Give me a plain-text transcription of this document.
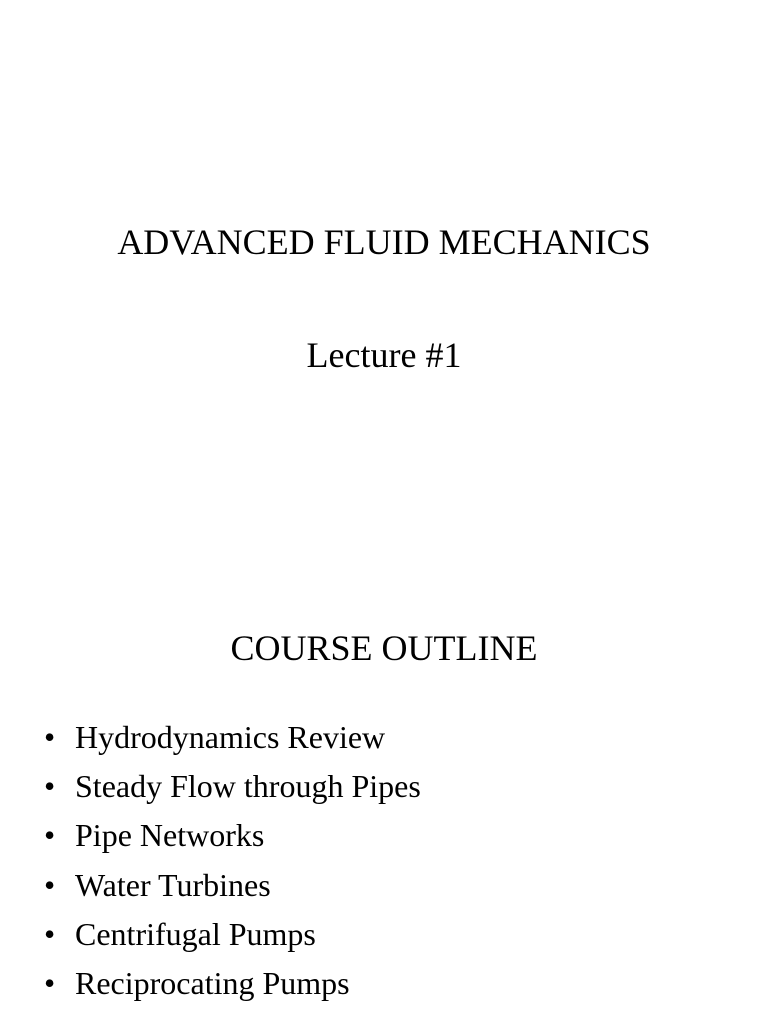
ADVANCED FLUID MECHANICS
Lecture #1
COURSE OUTLINE
• Hydrodynamics Review
• Steady Flow through Pipes
• Pipe Networks
• Water Turbines
• Centrifugal Pumps
• Reciprocating Pumps
